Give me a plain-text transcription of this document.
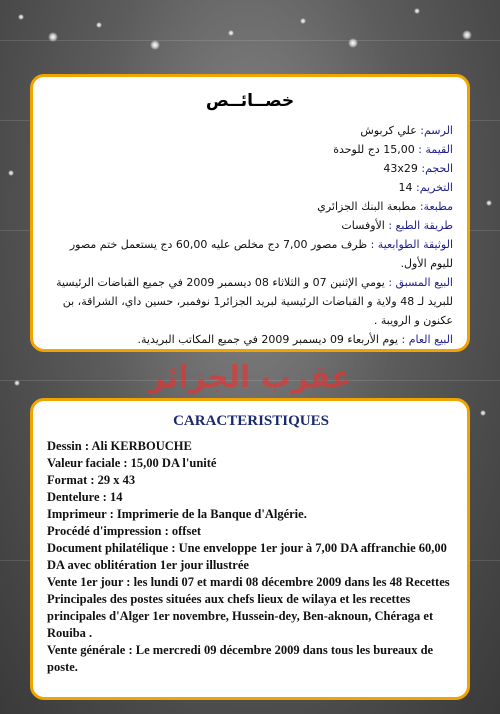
خصــائــص
الرسم: علي كربوش
القيمة : 15,00 دج للوحدة
الحجم: 43x29
التخريم: 14
مطبعة: مطبعة البنك الجزائري
طريقة الطبع : الأوفسات
الوثيقة الطوابعية : ظرف مصور 7,00 دج مخلص عليه 60,00 دج يستعمل ختم مصور لليوم الأول.
البيع المسبق : يومي الإثنين 07 و الثلاثاء 08 ديسمبر 2009 في جميع القباضات الرئيسية للبريد لـ 48 ولاية و القباضات الرئيسية لبريد الجزائر1 نوفمبر، حسين داي، الشراقة، بن عكنون و الرويبة .
البيع العام : يوم الأربعاء 09 ديسمبر 2009 في جميع المكاتب البريدية.
عقرب الجزائر
CARACTERISTIQUES
Dessin : Ali KERBOUCHE
Valeur faciale : 15,00 DA l'unité
Format : 29 x 43
Dentelure : 14
Imprimeur : Imprimerie de la Banque d'Algérie.
Procédé d'impression : offset
Document philatélique : Une enveloppe 1er jour à 7,00 DA affranchie 60,00 DA avec oblitération 1er jour illustrée
Vente 1er jour : les lundi 07 et mardi 08 décembre 2009 dans les 48 Recettes Principales des postes situées aux chefs lieux de wilaya et les recettes principales d'Alger 1er novembre, Hussein-dey, Ben-aknoun, Chéraga et Rouiba .
Vente générale : Le mercredi 09 décembre 2009 dans tous les bureaux de poste.
